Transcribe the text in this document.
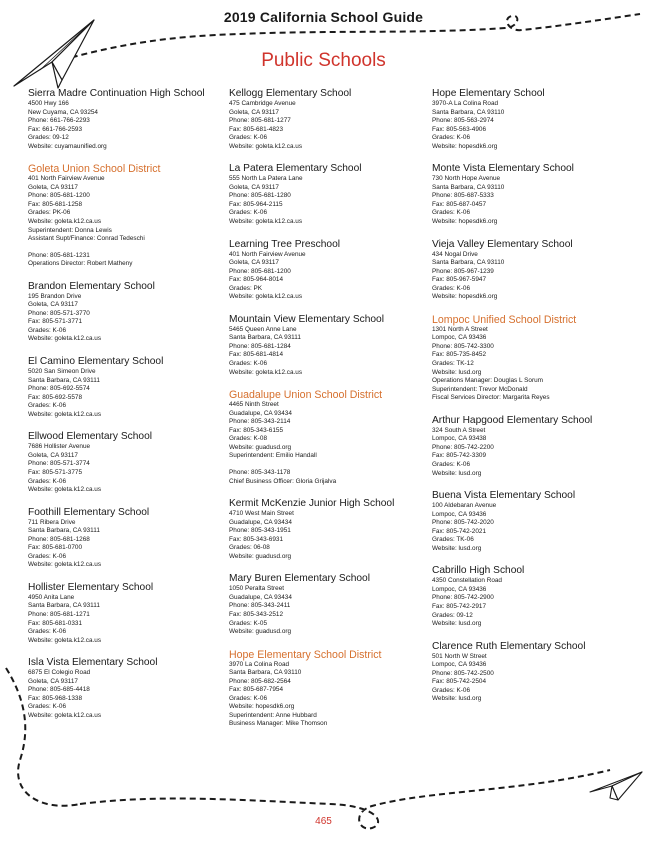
2019 California School Guide
Public Schools
Sierra Madre Continuation High School
4500 Hwy 166
New Cuyama, CA 93254
Phone: 661-766-2293
Fax: 661-766-2593
Grades: 09-12
Website: cuyamaunified.org
Goleta Union School District
401 North Fairview Avenue
Goleta, CA 93117
Phone: 805-681-1200
Fax: 805-681-1258
Grades: PK-06
Website: goleta.k12.ca.us
Superintendent: Donna Lewis
Assistant Supt/Finance: Conrad Tedeschi
Phone: 805-681-1231
Operations Director: Robert Matheny
Brandon Elementary School
195 Brandon Drive
Goleta, CA 93117
Phone: 805-571-3770
Fax: 805-571-3771
Grades: K-06
Website: goleta.k12.ca.us
El Camino Elementary School
5020 San Simeon Drive
Santa Barbara, CA 93111
Phone: 805-692-5574
Fax: 805-692-5578
Grades: K-06
Website: goleta.k12.ca.us
Ellwood Elementary School
7686 Hollister Avenue
Goleta, CA 93117
Phone: 805-571-3774
Fax: 805-571-3775
Grades: K-06
Website: goleta.k12.ca.us
Foothill Elementary School
711 Ribera Drive
Santa Barbara, CA 93111
Phone: 805-681-1268
Fax: 805-681-0700
Grades: K-06
Website: goleta.k12.ca.us
Hollister Elementary School
4950 Anita Lane
Santa Barbara, CA 93111
Phone: 805-681-1271
Fax: 805-681-0331
Grades: K-06
Website: goleta.k12.ca.us
Isla Vista Elementary School
6875 El Colegio Road
Goleta, CA 93117
Phone: 805-685-4418
Fax: 805-968-1338
Grades: K-06
Website: goleta.k12.ca.us
Kellogg Elementary School
475 Cambridge Avenue
Goleta, CA 93117
Phone: 805-681-1277
Fax: 805-681-4823
Grades: K-06
Website: goleta.k12.ca.us
La Patera Elementary School
555 North La Patera Lane
Goleta, CA 93117
Phone: 805-681-1280
Fax: 805-964-2115
Grades: K-06
Website: goleta.k12.ca.us
Learning Tree Preschool
401 North Fairview Avenue
Goleta, CA 93117
Phone: 805-681-1200
Fax: 805-964-8014
Grades: PK
Website: goleta.k12.ca.us
Mountain View Elementary School
5465 Queen Anne Lane
Santa Barbara, CA 93111
Phone: 805-681-1284
Fax: 805-681-4814
Grades: K-06
Website: goleta.k12.ca.us
Guadalupe Union School District
4465 Ninth Street
Guadalupe, CA 93434
Phone: 805-343-2114
Fax: 805-343-6155
Grades: K-08
Website: guadusd.org
Superintendent: Emilio Handall
Phone: 805-343-1178
Chief Business Officer: Gloria Grijalva
Kermit McKenzie Junior High School
4710 West Main Street
Guadalupe, CA 93434
Phone: 805-343-1951
Fax: 805-343-6931
Grades: 06-08
Website: guadusd.org
Mary Buren Elementary School
1050 Peralta Street
Guadalupe, CA 93434
Phone: 805-343-2411
Fax: 805-343-2512
Grades: K-05
Website: guadusd.org
Hope Elementary School District
3970 La Colina Road
Santa Barbara, CA 93110
Phone: 805-682-2564
Fax: 805-687-7954
Grades: K-06
Website: hopesdk6.org
Superintendent: Anne Hubbard
Business Manager: Mike Thomson
Hope Elementary School
3970-A La Colina Road
Santa Barbara, CA 93110
Phone: 805-563-2974
Fax: 805-563-4906
Grades: K-06
Website: hopesdk6.org
Monte Vista Elementary School
730 North Hope Avenue
Santa Barbara, CA 93110
Phone: 805-687-5333
Fax: 805-687-0457
Grades: K-06
Website: hopesdk6.org
Vieja Valley Elementary School
434 Nogal Drive
Santa Barbara, CA 93110
Phone: 805-967-1239
Fax: 805-967-5947
Grades: K-06
Website: hopesdk6.org
Lompoc Unified School District
1301 North A Street
Lompoc, CA 93436
Phone: 805-742-3300
Fax: 805-735-8452
Grades: TK-12
Website: lusd.org
Operations Manager: Douglas L Sorum
Superintendent: Trevor McDonald
Fiscal Services Director: Margarita Reyes
Arthur Hapgood Elementary School
324 South A Street
Lompoc, CA 93438
Phone: 805-742-2200
Fax: 805-742-3309
Grades: K-06
Website: lusd.org
Buena Vista Elementary School
100 Aldebaran Avenue
Lompoc, CA 93436
Phone: 805-742-2020
Fax: 805-742-2021
Grades: TK-06
Website: lusd.org
Cabrillo High School
4350 Constellation Road
Lompoc, CA 93436
Phone: 805-742-2900
Fax: 805-742-2917
Grades: 09-12
Website: lusd.org
Clarence Ruth Elementary School
501 North W Street
Lompoc, CA 93436
Phone: 805-742-2500
Fax: 805-742-2504
Grades: K-06
Website: lusd.org
465
